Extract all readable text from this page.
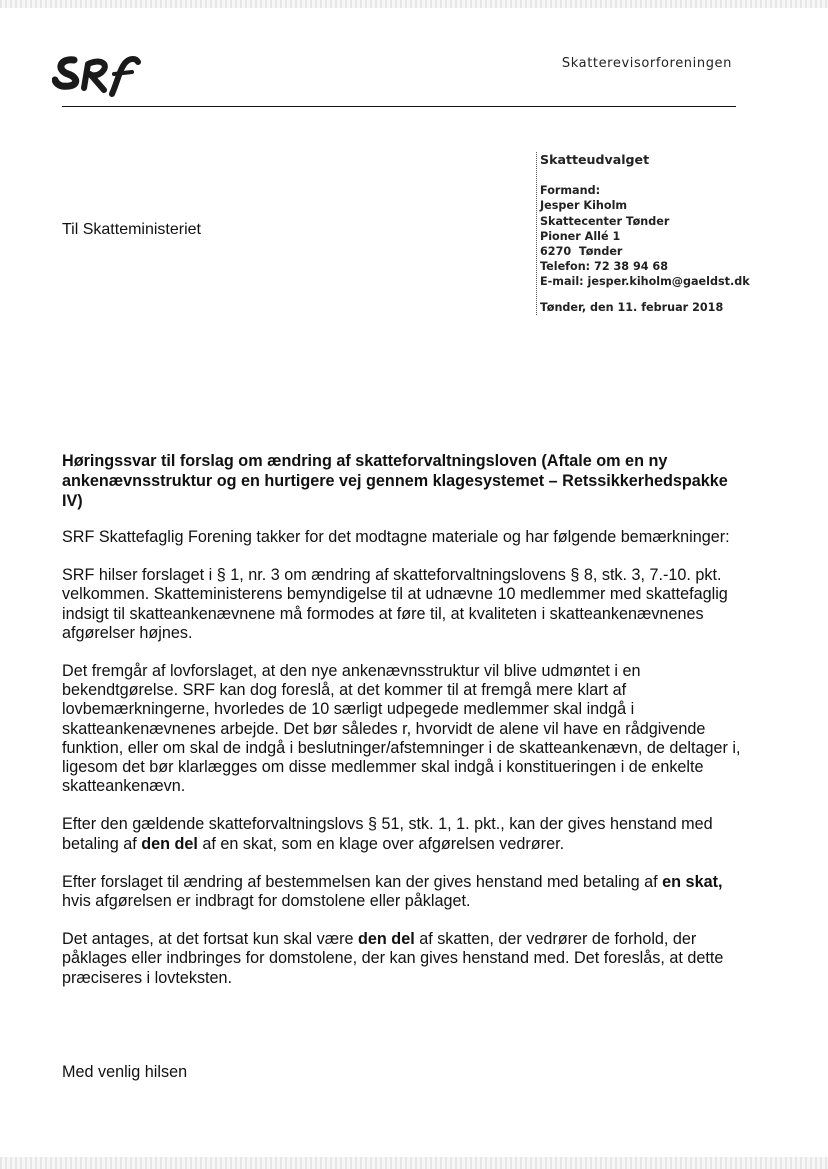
Skatterevisorforeningen
Til Skatteministeriet
Skatteudvalget
Formand:
Jesper Kiholm
Skattecenter Tønder
Pioner Allé 1
6270  Tønder
Telefon: 72 38 94 68
E-mail: jesper.kiholm@gaeldst.dk
Tønder, den 11. februar 2018
Høringssvar til forslag om ændring af skatteforvaltningsloven (Aftale om en ny ankenævnsstruktur og en hurtigere vej gennem klagesystemet – Retssikkerhedspakke IV)

SRF Skattefaglig Forening takker for det modtagne materiale og har følgende bemærkninger:

SRF hilser forslaget i § 1, nr. 3 om ændring af skatteforvaltningslovens § 8, stk. 3, 7.-10. pkt. velkommen. Skatteministerens bemyndigelse til at udnævne 10 medlemmer med skattefaglig indsigt til skatteankenævnene må formodes at føre til, at kvaliteten i skatteankenævnenes afgørelser højnes.

Det fremgår af lovforslaget, at den nye ankenævnsstruktur vil blive udmøntet i en bekendtgørelse. SRF kan dog foreslå, at det kommer til at fremgå mere klart af lovbemærkningerne, hvorledes de 10 særligt udpegede medlemmer skal indgå i skatteankenævnenes arbejde. Det bør således r, hvorvidt de alene vil have en rådgivende funktion, eller om skal de indgå i beslutninger/afstemninger i de skatteankenævn, de deltager i, ligesom det bør klarlægges om disse medlemmer skal indgå i konstitueringen i de enkelte skatteankenævn.

Efter den gældende skatteforvaltningslovs § 51, stk. 1, 1. pkt., kan der gives henstand med betaling af den del af en skat, som en klage over afgørelsen vedrører.

Efter forslaget til ændring af bestemmelsen kan der gives henstand med betaling af en skat, hvis afgørelsen er indbragt for domstolene eller påklaget.

Det antages, at det fortsat kun skal være den del af skatten, der vedrører de forhold, der påklages eller indbringes for domstolene, der kan gives henstand med. Det foreslås, at dette præciseres i lovteksten.

Med venlig hilsen
